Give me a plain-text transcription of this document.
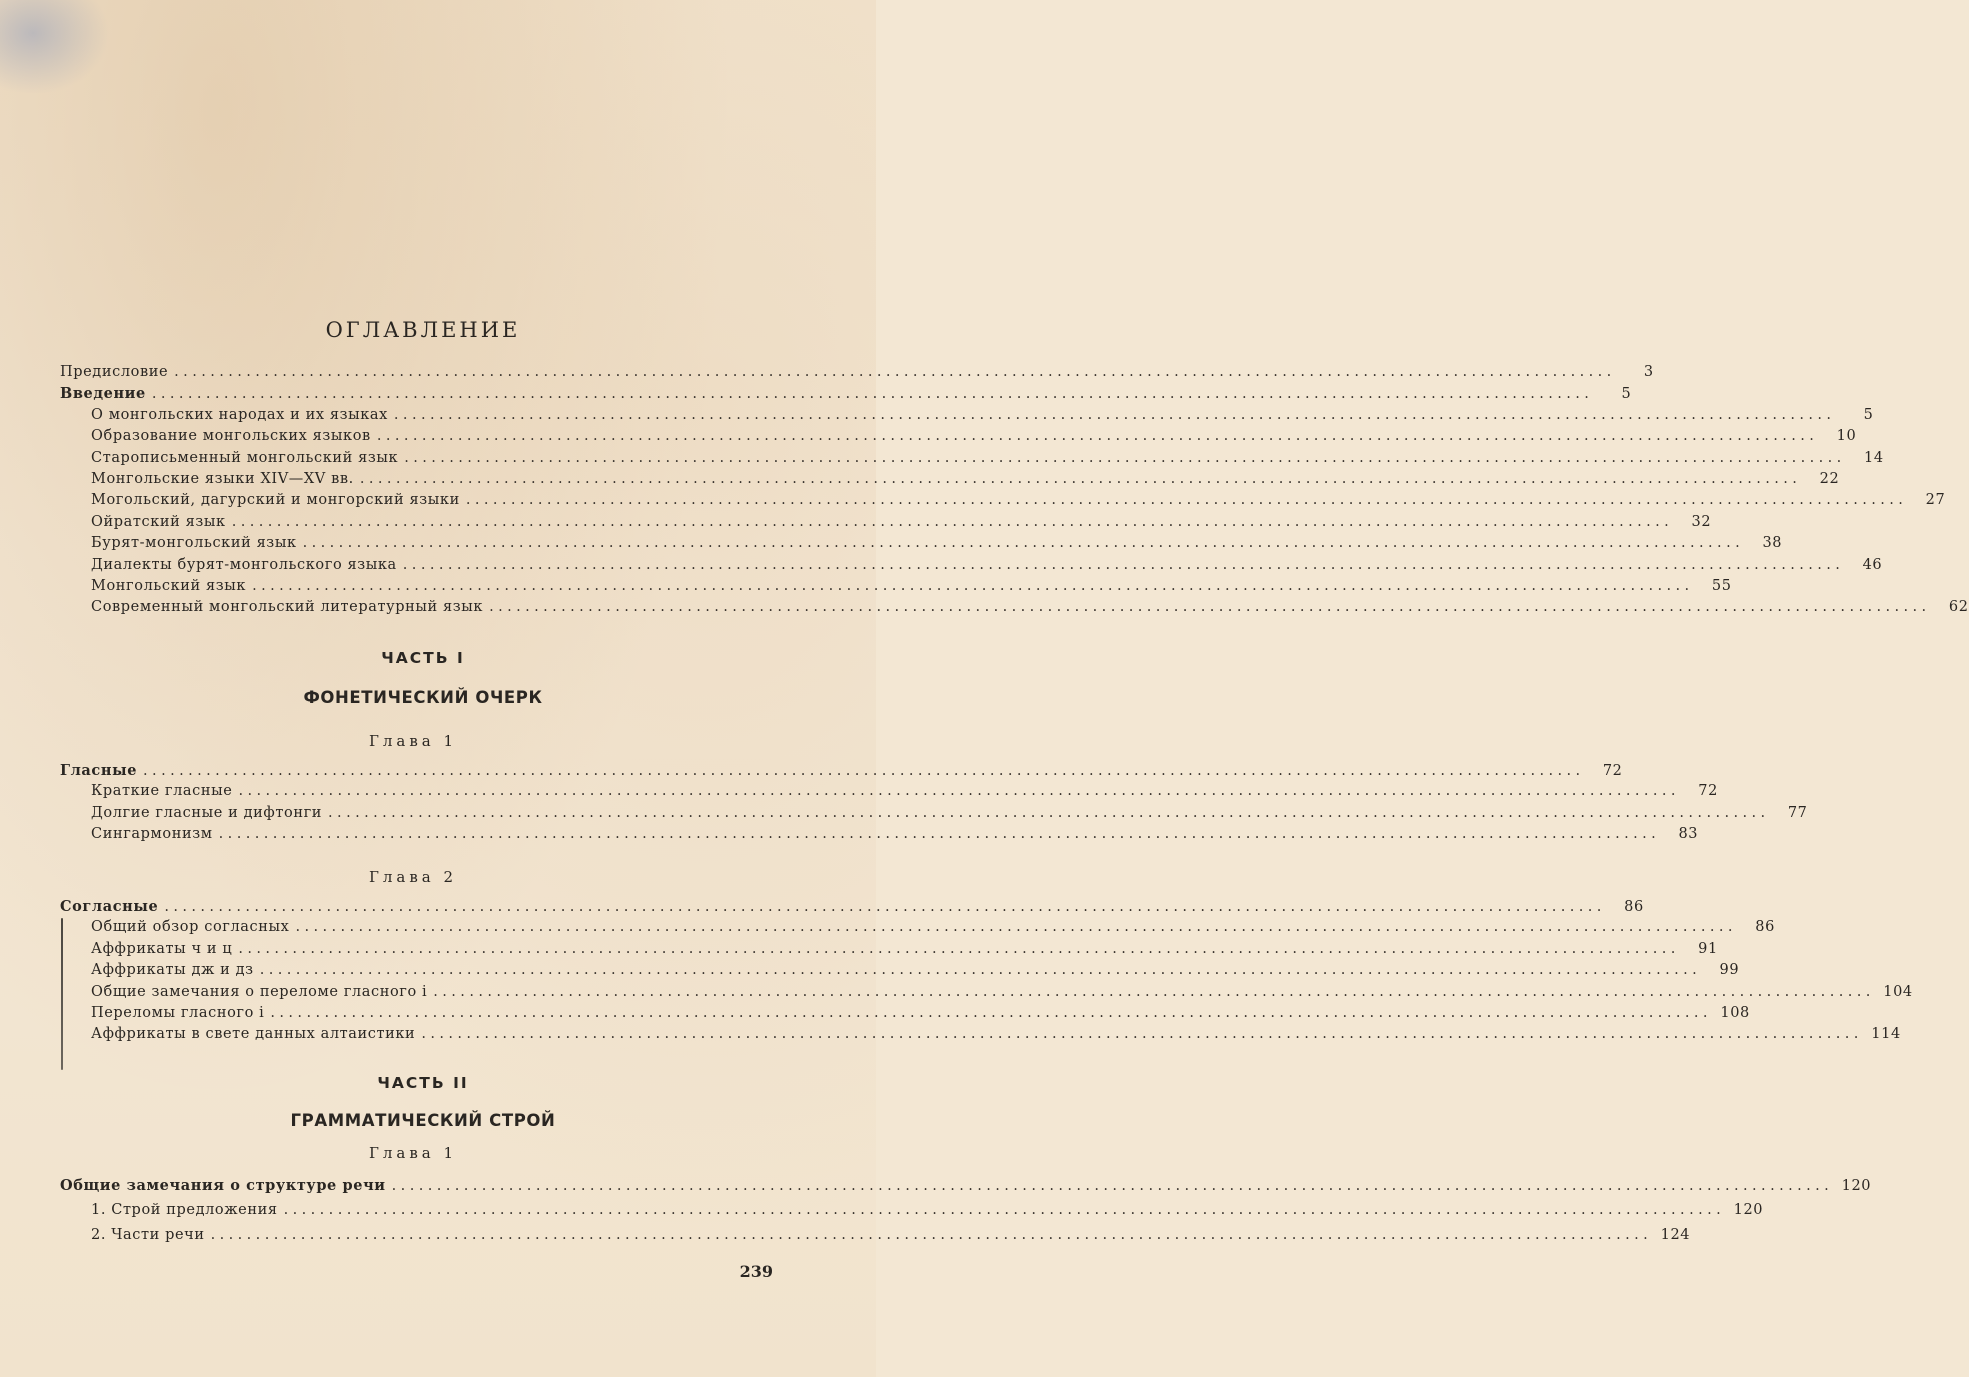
ОГЛАВЛЕНИЕ
Предисловие ................................................................................................................................................................	3
Введение ................................................................................................................................................................	5
О монгольских народах и их языках ................................................................................................................................................................	5
Образование монгольских языков ................................................................................................................................................................	10
Старописьменный монгольский язык ................................................................................................................................................................	14
Монгольские языки XIV—XV вв. ................................................................................................................................................................	22
Могольский, дагурский и монгорский языки ................................................................................................................................................................	27
Ойратский язык ................................................................................................................................................................	32
Бурят-монгольский язык ................................................................................................................................................................	38
Диалекты бурят-монгольского языка ................................................................................................................................................................	46
Монгольский язык ................................................................................................................................................................	55
Современный монгольский литературный язык ................................................................................................................................................................	62
ЧАСТЬ I
ФОНЕТИЧЕСКИЙ ОЧЕРК
Глава 1
Гласные ................................................................................................................................................................	72
Краткие гласные ................................................................................................................................................................	72
Долгие гласные и дифтонги ................................................................................................................................................................	77
Сингармонизм ................................................................................................................................................................	83
Глава 2
Согласные ................................................................................................................................................................	86
Общий обзор согласных ................................................................................................................................................................	86
Аффрикаты ч и ц ................................................................................................................................................................	91
Аффрикаты дж и дз ................................................................................................................................................................	99
Общие замечания о переломе гласного i ................................................................................................................................................................ 104
Переломы гласного i ................................................................................................................................................................ 108
Аффрикаты в свете данных алтаистики ................................................................................................................................................................ 114
ЧАСТЬ II
ГРАММАТИЧЕСКИЙ СТРОЙ
Глава 1
Общие замечания о структуре речи ................................................................................................................................................................ 120
1. Строй предложения ................................................................................................................................................................ 120
2. Части речи ................................................................................................................................................................ 124
239
